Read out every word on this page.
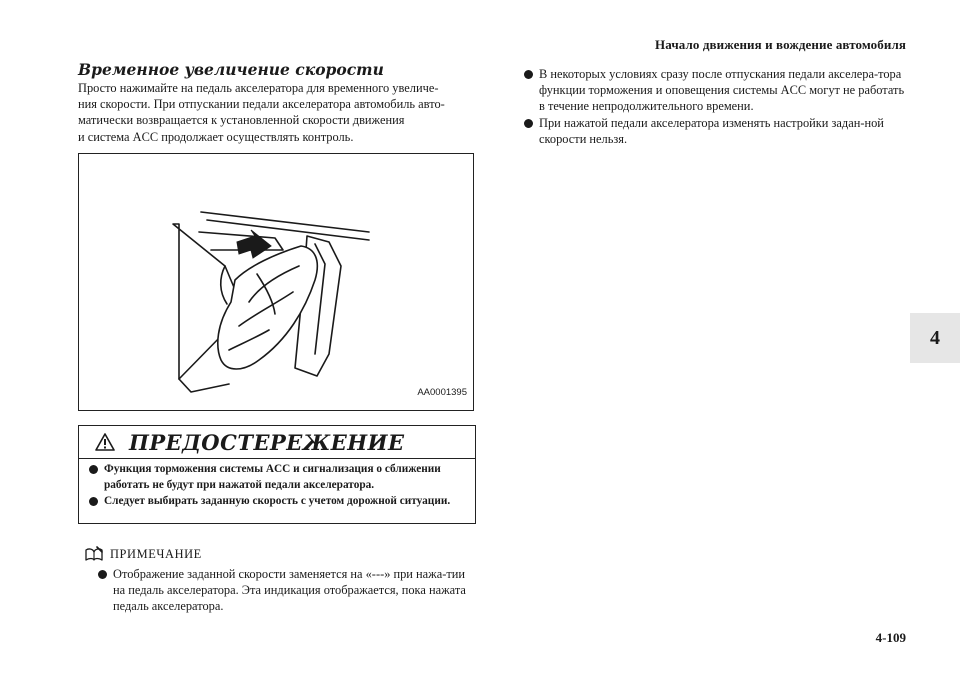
Начало движения и вождение автомобиля
4
Временное увеличение скорости

Просто нажимайте на педаль акселератора для временного увеличе-
ния скорости. При отпускании педали акселератора автомобиль авто-
матически возвращается к установленной скорости движения
и система ACC продолжает осуществлять контроль.

AA0001395
ПРЕДОСТЕРЕЖЕНИЕ
Функция торможения системы ACC и сигнализация о сближении работать не будут при нажатой педали акселератора.
Следует выбирать заданную скорость с учетом дорожной ситуации.
ПРИМЕЧАНИЕ
Отображение заданной скорости заменяется на «---» при нажа-тии на педаль акселератора. Эта индикация отображается, пока нажата педаль акселератора.
В некоторых условиях сразу после отпускания педали акселера-тора функции торможения и оповещения системы ACC могут не работать в течение непродолжительного времени.
При нажатой педали акселератора изменять настройки задан-ной скорости нельзя.
4-109
